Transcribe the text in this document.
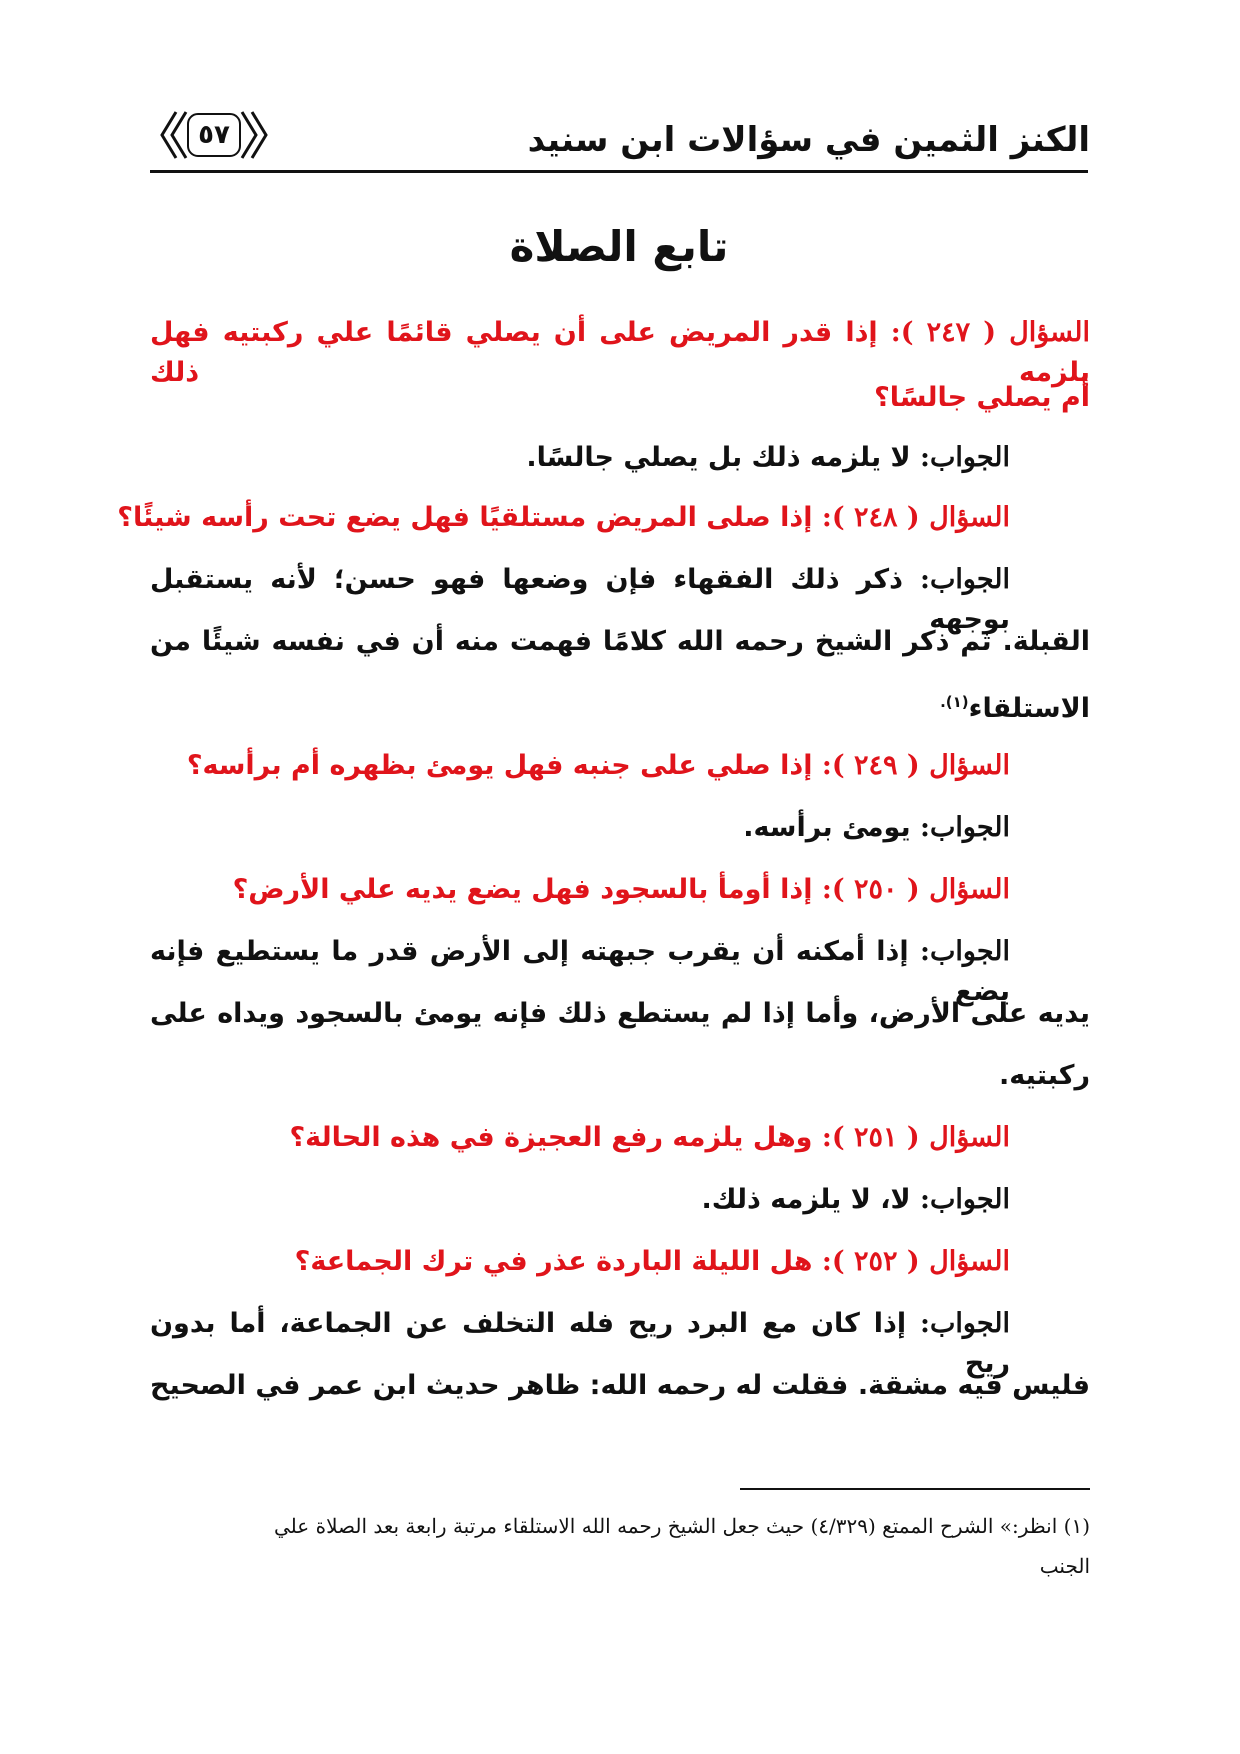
الكنز الثمين في سؤالات ابن سنيد
٥٧
تابع الصلاة
السؤال ( ٢٤٧ ): إذا قدر المريض على أن يصلي قائمًا علي ركبتيه فهل يلزمه ذلك
أم يصلي جالسًا؟
الجواب: لا يلزمه ذلك بل يصلي جالسًا.
السؤال ( ٢٤٨ ): إذا صلى المريض مستلقيًا فهل يضع تحت رأسه شيئًا؟
الجواب: ذكر ذلك الفقهاء فإن وضعها فهو حسن؛ لأنه يستقبل بوجهه
القبلة. ثم ذكر الشيخ رحمه الله كلامًا فهمت منه أن في نفسه شيئًا من
الاستلقاء$^{(١).}$
السؤال ( ٢٤٩ ): إذا صلي على جنبه فهل يومئ بظهره أم برأسه؟
الجواب: يومئ برأسه.
السؤال ( ٢٥٠ ): إذا أومأ بالسجود فهل يضع يديه علي الأرض؟
الجواب: إذا أمكنه أن يقرب جبهته إلى الأرض قدر ما يستطيع فإنه يضع
يديه على الأرض، وأما إذا لم يستطع ذلك فإنه يومئ بالسجود ويداه على
ركبتيه.
السؤال ( ٢٥١ ): وهل يلزمه رفع العجيزة في هذه الحالة؟
الجواب: لا، لا يلزمه ذلك.
السؤال ( ٢٥٢ ): هل الليلة الباردة عذر في ترك الجماعة؟
الجواب: إذا كان مع البرد ريح فله التخلف عن الجماعة، أما بدون ريح
فليس فيه مشقة. فقلت له رحمه الله: ظاهر حديث ابن عمر في الصحيح
(١) انظر:» الشرح الممتع (٤/٣٢٩) حيث جعل الشيخ رحمه الله الاستلقاء مرتبة رابعة بعد الصلاة علي
الجنب
